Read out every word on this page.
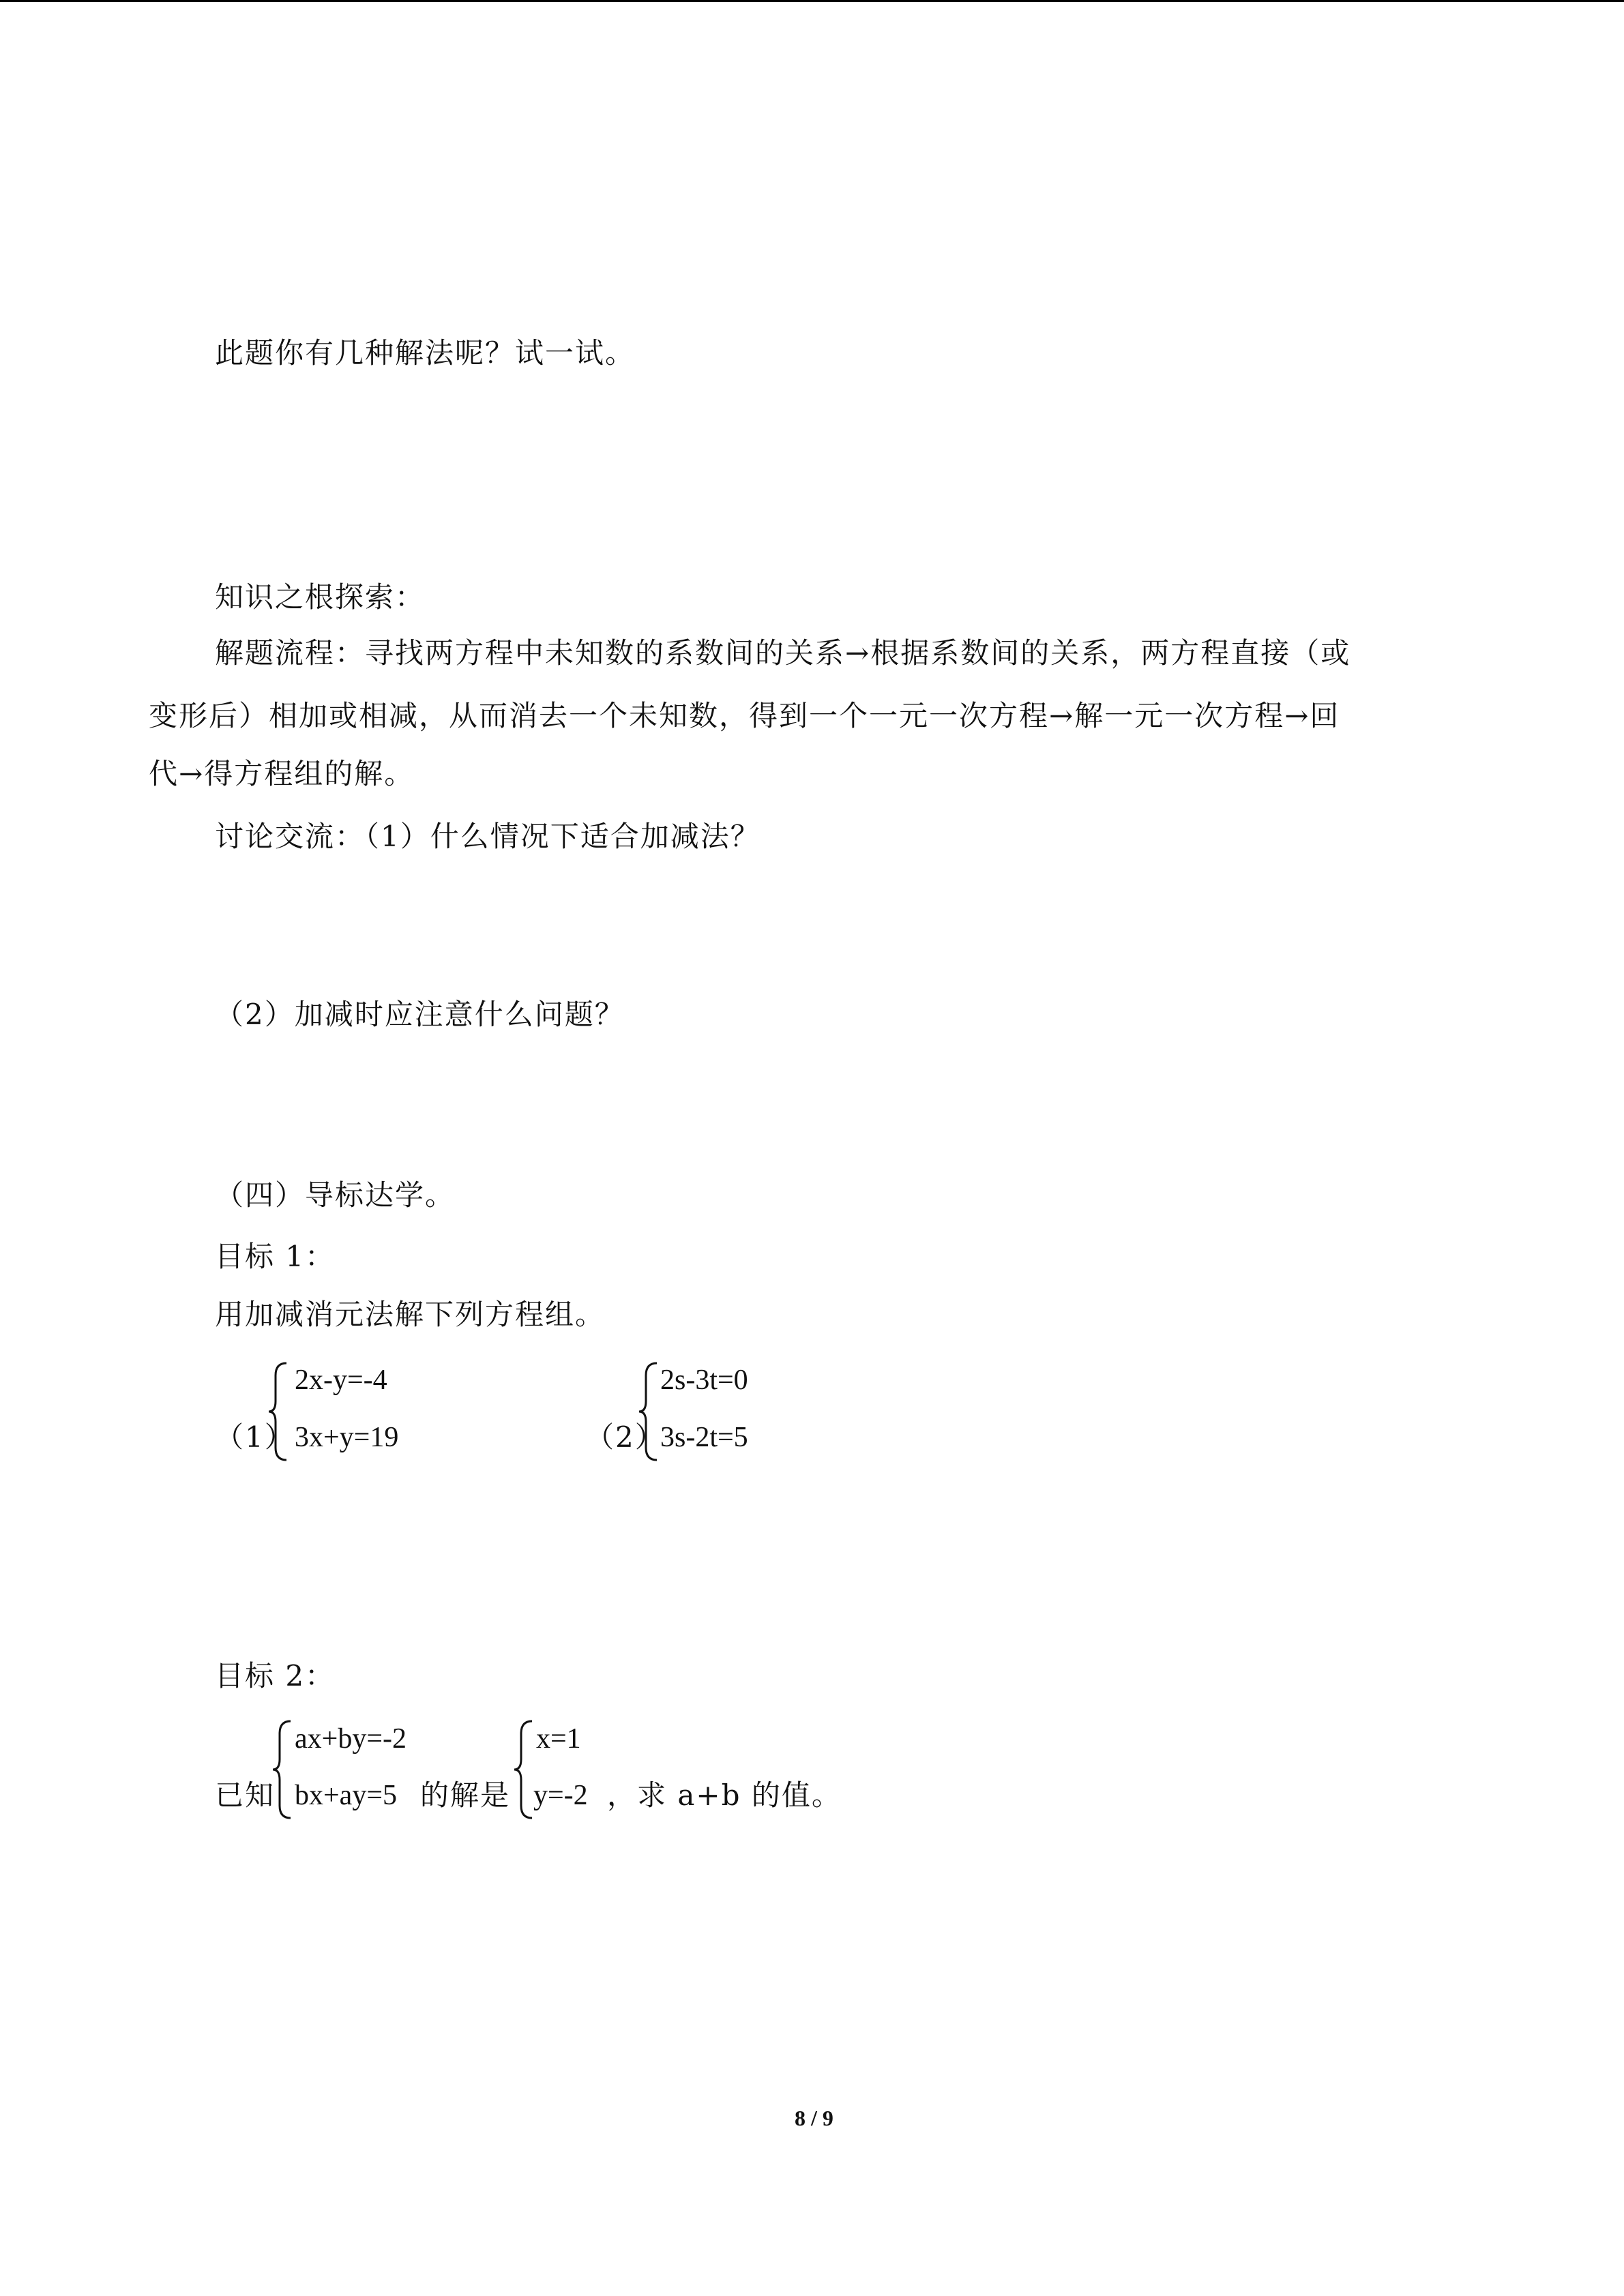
此题你有几种解法呢？试一试。
知识之根探索：
解题流程：寻找两方程中未知数的系数间的关系→根据系数间的关系，两方程直接（或
变形后）相加或相减，从而消去一个未知数，得到一个一元一次方程→解一元一次方程→回
代→得方程组的解。
讨论交流：（1）什么情况下适合加减法？
（2）加减时应注意什么问题？
（四）导标达学。
目标 1：
用加减消元法解下列方程组。
（1）
2x-y=-4
3x+y=19	（2）
2s-3t=0
3s-2t=5
目标 2：
已知
ax+by=-2
bx+ay=5 的解是
x=1
y=-2 ，求 a+b 的值。
8 / 9
